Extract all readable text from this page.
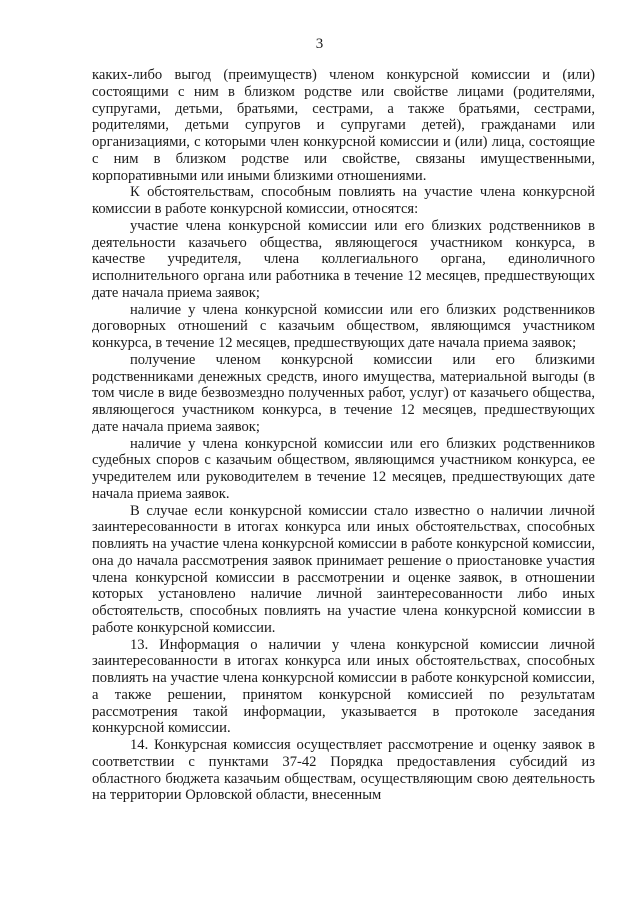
3

каких-либо выгод (преимуществ) членом конкурсной комиссии и (или) состоящими с ним в близком родстве или свойстве лицами (родителями, супругами, детьми, братьями, сестрами, а также братьями, сестрами, родителями, детьми супругов и супругами детей), гражданами или организациями, с которыми член конкурсной комиссии и (или) лица, состоящие с ним в близком родстве или свойстве, связаны имущественными, корпоративными или иными близкими отношениями.

К обстоятельствам, способным повлиять на участие члена конкурсной комиссии в работе конкурсной комиссии, относятся:

участие члена конкурсной комиссии или его близких родственников в деятельности казачьего общества, являющегося участником конкурса, в качестве учредителя, члена коллегиального органа, единоличного исполнительного органа или работника в течение 12 месяцев, предшествующих дате начала приема заявок;

наличие у члена конкурсной комиссии или его близких родственников договорных отношений с казачьим обществом, являющимся участником конкурса, в течение 12 месяцев, предшествующих дате начала приема заявок;

получение членом конкурсной комиссии или его близкими родственниками денежных средств, иного имущества, материальной выгоды (в том числе в виде безвозмездно полученных работ, услуг) от казачьего общества, являющегося участником конкурса, в течение 12 месяцев, предшествующих дате начала приема заявок;

наличие у члена конкурсной комиссии или его близких родственников судебных споров с казачьим обществом, являющимся участником конкурса, ее учредителем или руководителем в течение 12 месяцев, предшествующих дате начала приема заявок.

В случае если конкурсной комиссии стало известно о наличии личной заинтересованности в итогах конкурса или иных обстоятельствах, способных повлиять на участие члена конкурсной комиссии в работе конкурсной комиссии, она до начала рассмотрения заявок принимает решение о приостановке участия члена конкурсной комиссии в рассмотрении и оценке заявок, в отношении которых установлено наличие личной заинтересованности либо иных обстоятельств, способных повлиять на участие члена конкурсной комиссии в работе конкурсной комиссии.

13. Информация о наличии у члена конкурсной комиссии личной заинтересованности в итогах конкурса или иных обстоятельствах, способных повлиять на участие члена конкурсной комиссии в работе конкурсной комиссии, а также решении, принятом конкурсной комиссией по результатам рассмотрения такой информации, указывается в протоколе заседания конкурсной комиссии.

14. Конкурсная комиссия осуществляет рассмотрение и оценку заявок в соответствии с пунктами 37-42 Порядка предоставления субсидий из областного бюджета казачьим обществам, осуществляющим свою деятельность на территории Орловской области, внесенным
